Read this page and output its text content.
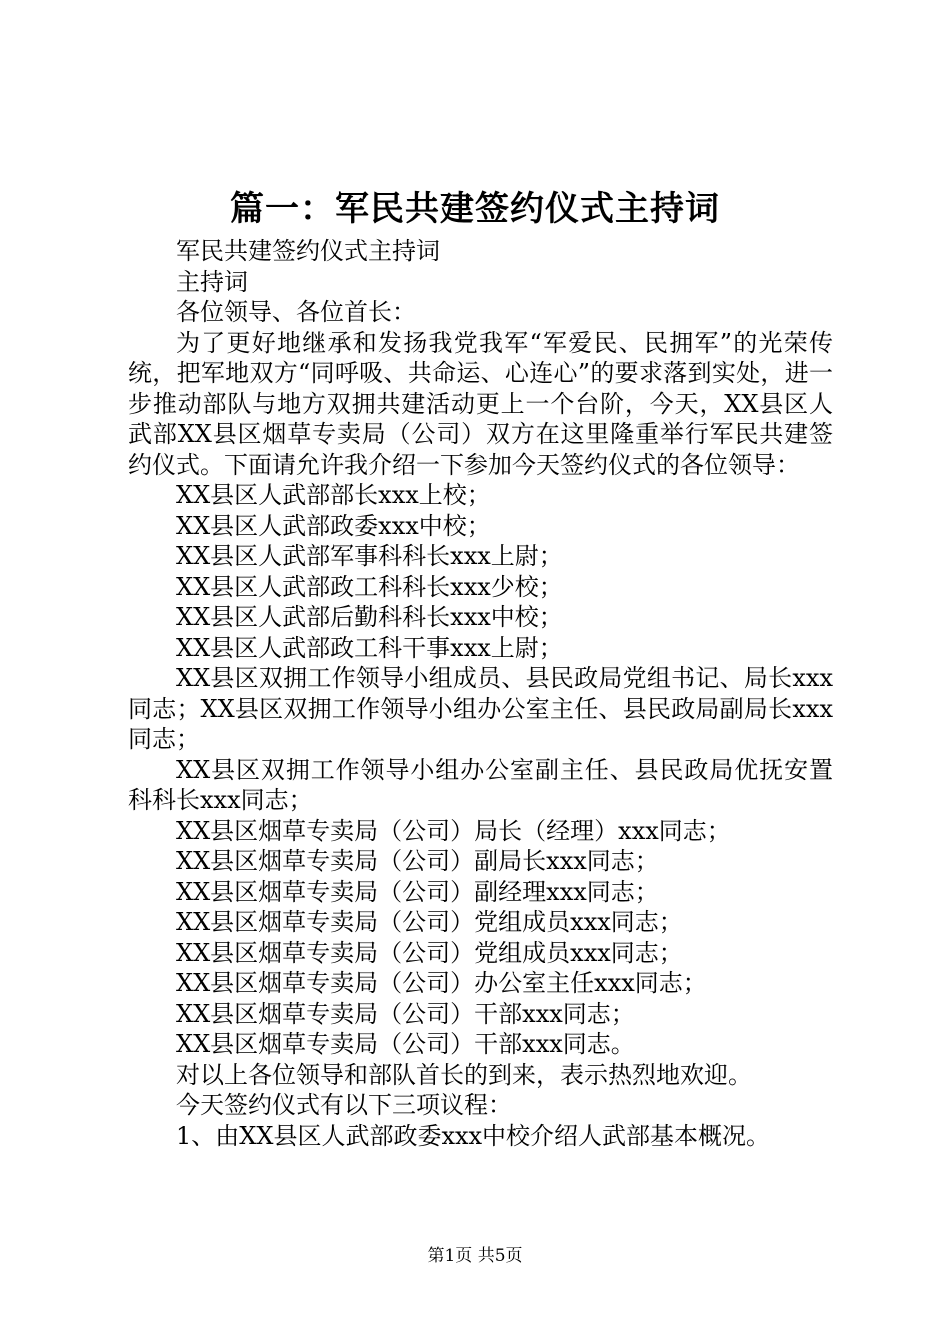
篇一：军民共建签约仪式主持词

军民共建签约仪式主持词

主持词

各位领导、各位首长：

为了更好地继承和发扬我党我军“军爱民、民拥军”的光荣传统，把军地双方“同呼吸、共命运、心连心”的要求落到实处，进一步推动部队与地方双拥共建活动更上一个台阶，今天，XX县区人武部XX县区烟草专卖局（公司）双方在这里隆重举行军民共建签约仪式。下面请允许我介绍一下参加今天签约仪式的各位领导：

XX县区人武部部长xxx上校；

XX县区人武部政委xxx中校；

XX县区人武部军事科科长xxx上尉；

XX县区人武部政工科科长xxx少校；

XX县区人武部后勤科科长xxx中校；

XX县区人武部政工科干事xxx上尉；

XX县区双拥工作领导小组成员、县民政局党组书记、局长xxx同志；XX县区双拥工作领导小组办公室主任、县民政局副局长xxx同志；

XX县区双拥工作领导小组办公室副主任、县民政局优抚安置科科长xxx同志；

XX县区烟草专卖局（公司）局长（经理）xxx同志；

XX县区烟草专卖局（公司）副局长xxx同志；

XX县区烟草专卖局（公司）副经理xxx同志；

XX县区烟草专卖局（公司）党组成员xxx同志；

XX县区烟草专卖局（公司）党组成员xxx同志；

XX县区烟草专卖局（公司）办公室主任xxx同志；

XX县区烟草专卖局（公司）干部xxx同志；

XX县区烟草专卖局（公司）干部xxx同志。

对以上各位领导和部队首长的到来，表示热烈地欢迎。

今天签约仪式有以下三项议程：

1、由XX县区人武部政委xxx中校介绍人武部基本概况。

第1页 共5页
